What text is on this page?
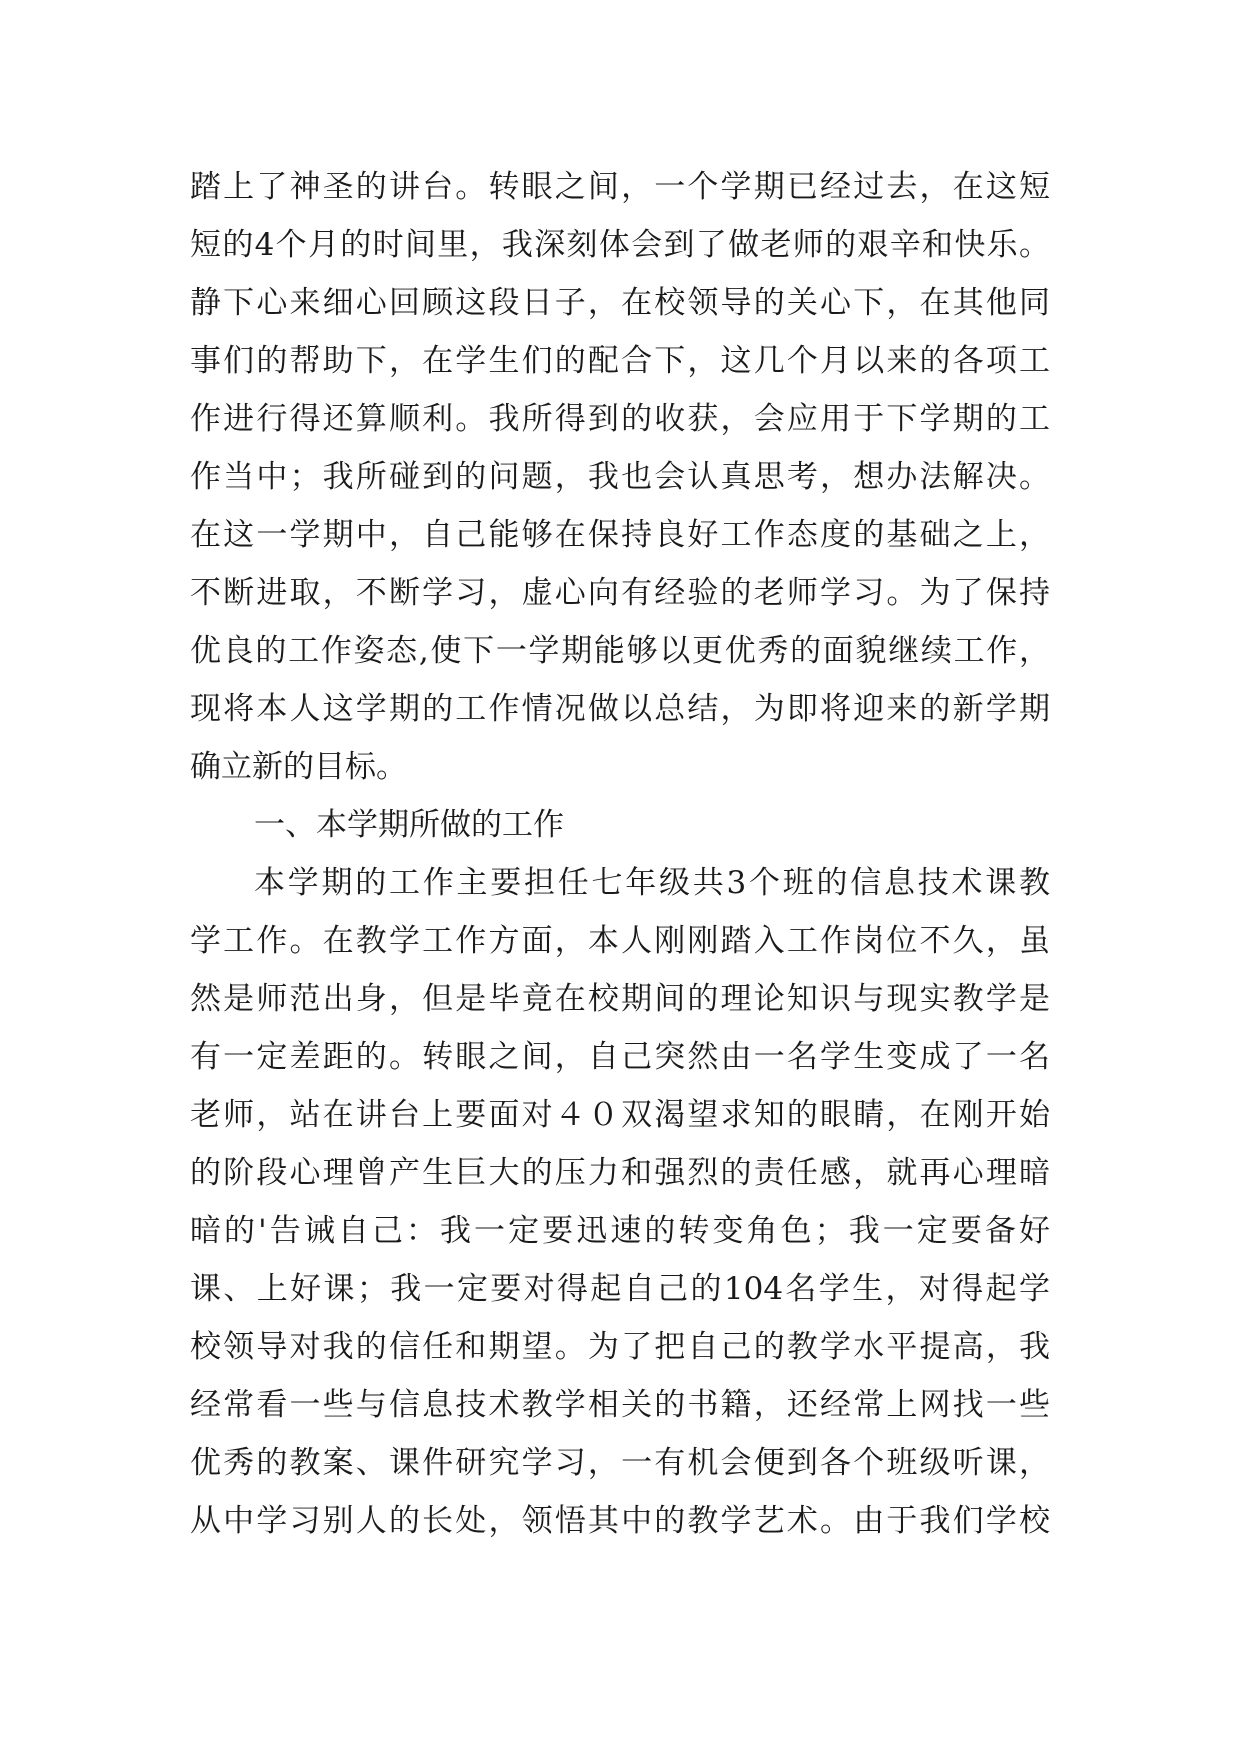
踏上了神圣的讲台。转眼之间，一个学期已经过去，在这短
短的4个月的时间里，我深刻体会到了做老师的艰辛和快乐。
静下心来细心回顾这段日子，在校领导的关心下，在其他同
事们的帮助下，在学生们的配合下，这几个月以来的各项工
作进行得还算顺利。我所得到的收获，会应用于下学期的工
作当中；我所碰到的问题，我也会认真思考，想办法解决。
在这一学期中，自己能够在保持良好工作态度的基础之上，
不断进取，不断学习，虚心向有经验的老师学习。为了保持
优良的工作姿态,使下一学期能够以更优秀的面貌继续工作，
现将本人这学期的工作情况做以总结，为即将迎来的新学期
确立新的目标。
一、本学期所做的工作
本学期的工作主要担任七年级共3个班的信息技术课教
学工作。在教学工作方面，本人刚刚踏入工作岗位不久，虽
然是师范出身，但是毕竟在校期间的理论知识与现实教学是
有一定差距的。转眼之间，自己突然由一名学生变成了一名
老师，站在讲台上要面对４０双渴望求知的眼睛，在刚开始
的阶段心理曾产生巨大的压力和强烈的责任感，就再心理暗
暗的'告诫自己：我一定要迅速的转变角色；我一定要备好
课、上好课；我一定要对得起自己的104名学生，对得起学
校领导对我的信任和期望。为了把自己的教学水平提高，我
经常看一些与信息技术教学相关的书籍，还经常上网找一些
优秀的教案、课件研究学习，一有机会便到各个班级听课，
从中学习别人的长处，领悟其中的教学艺术。由于我们学校
